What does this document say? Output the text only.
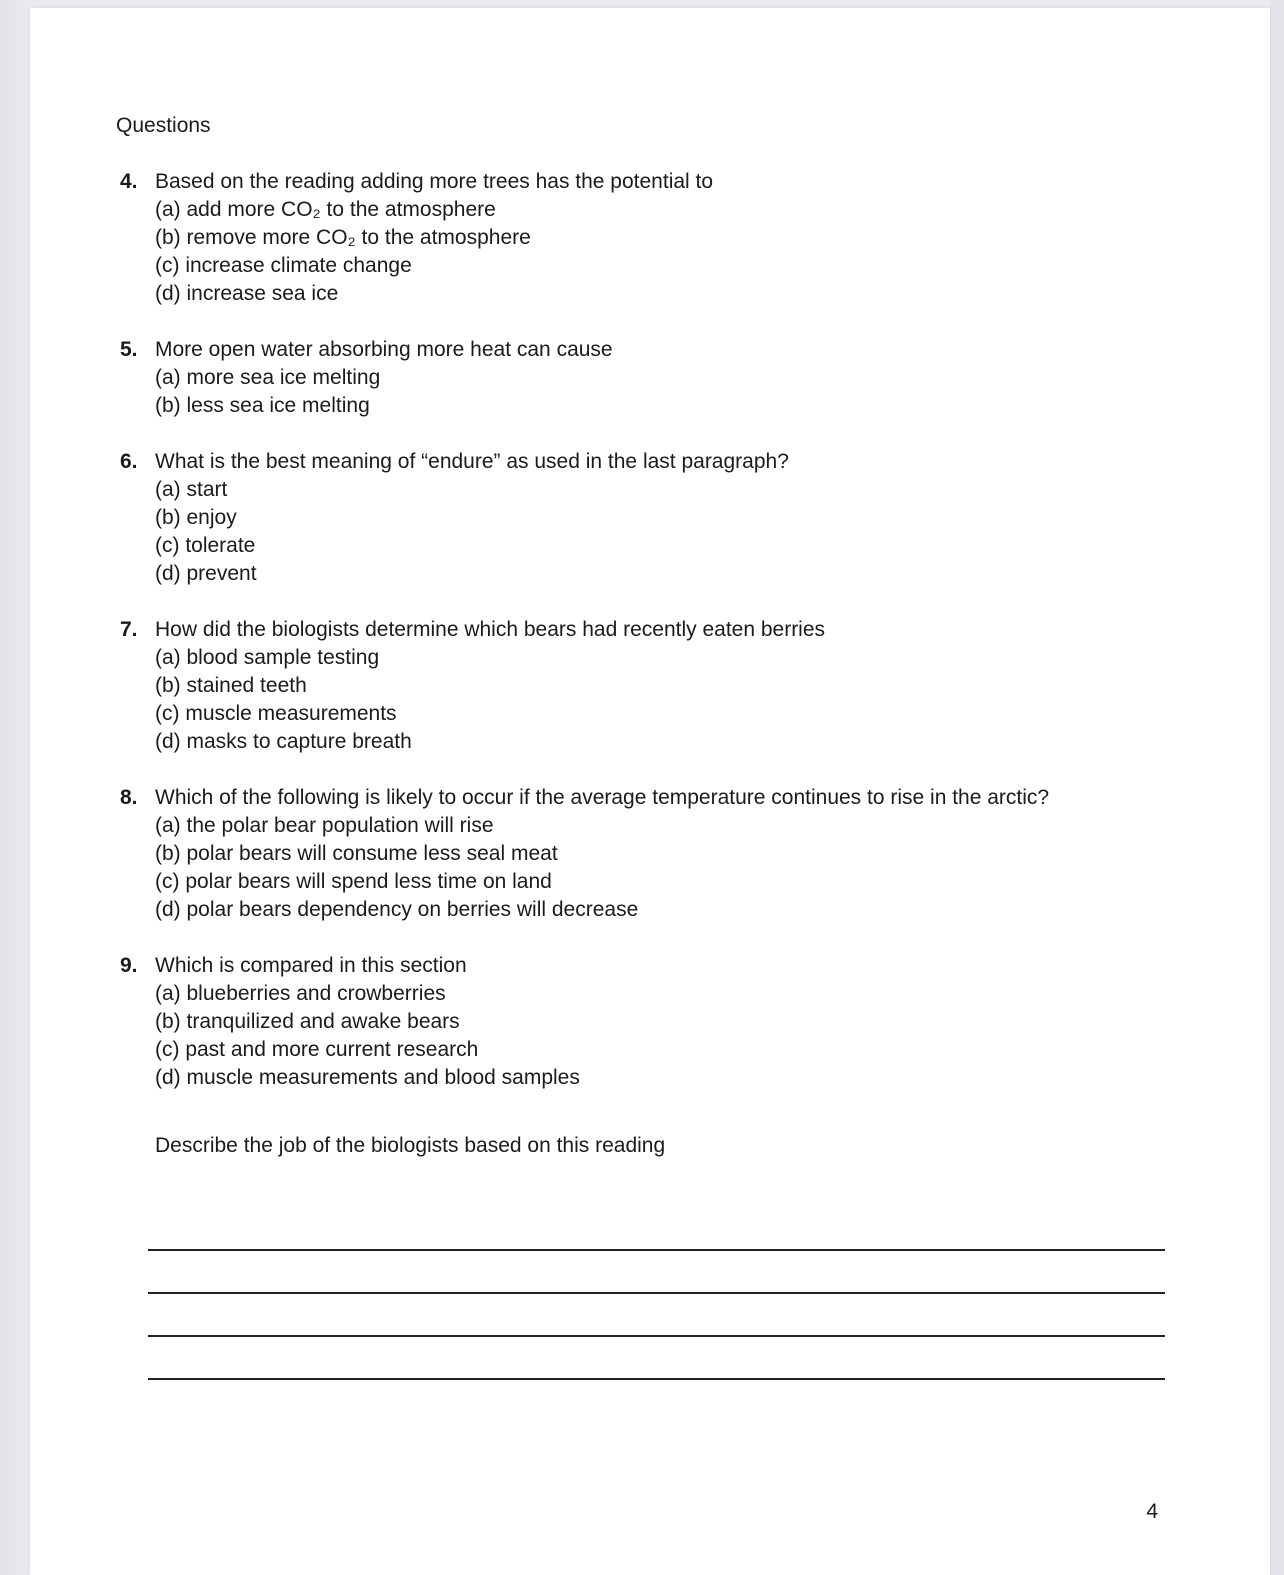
Questions
4. Based on the reading adding more trees has the potential to
(a) add more CO₂ to the atmosphere
(b) remove more CO₂ to the atmosphere
(c) increase climate change
(d) increase sea ice
5. More open water absorbing more heat can cause
(a) more sea ice melting
(b) less sea ice melting
6. What is the best meaning of “endure” as used in the last paragraph?
(a) start
(b) enjoy
(c) tolerate
(d) prevent
7. How did the biologists determine which bears had recently eaten berries
(a) blood sample testing
(b) stained teeth
(c) muscle measurements
(d) masks to capture breath
8. Which of the following is likely to occur if the average temperature continues to rise in the arctic?
(a) the polar bear population will rise
(b) polar bears will consume less seal meat
(c) polar bears will spend less time on land
(d) polar bears dependency on berries will decrease
9. Which is compared in this section
(a) blueberries and crowberries
(b) tranquilized and awake bears
(c) past and more current research
(d) muscle measurements and blood samples
Describe the job of the biologists based on this reading
4
